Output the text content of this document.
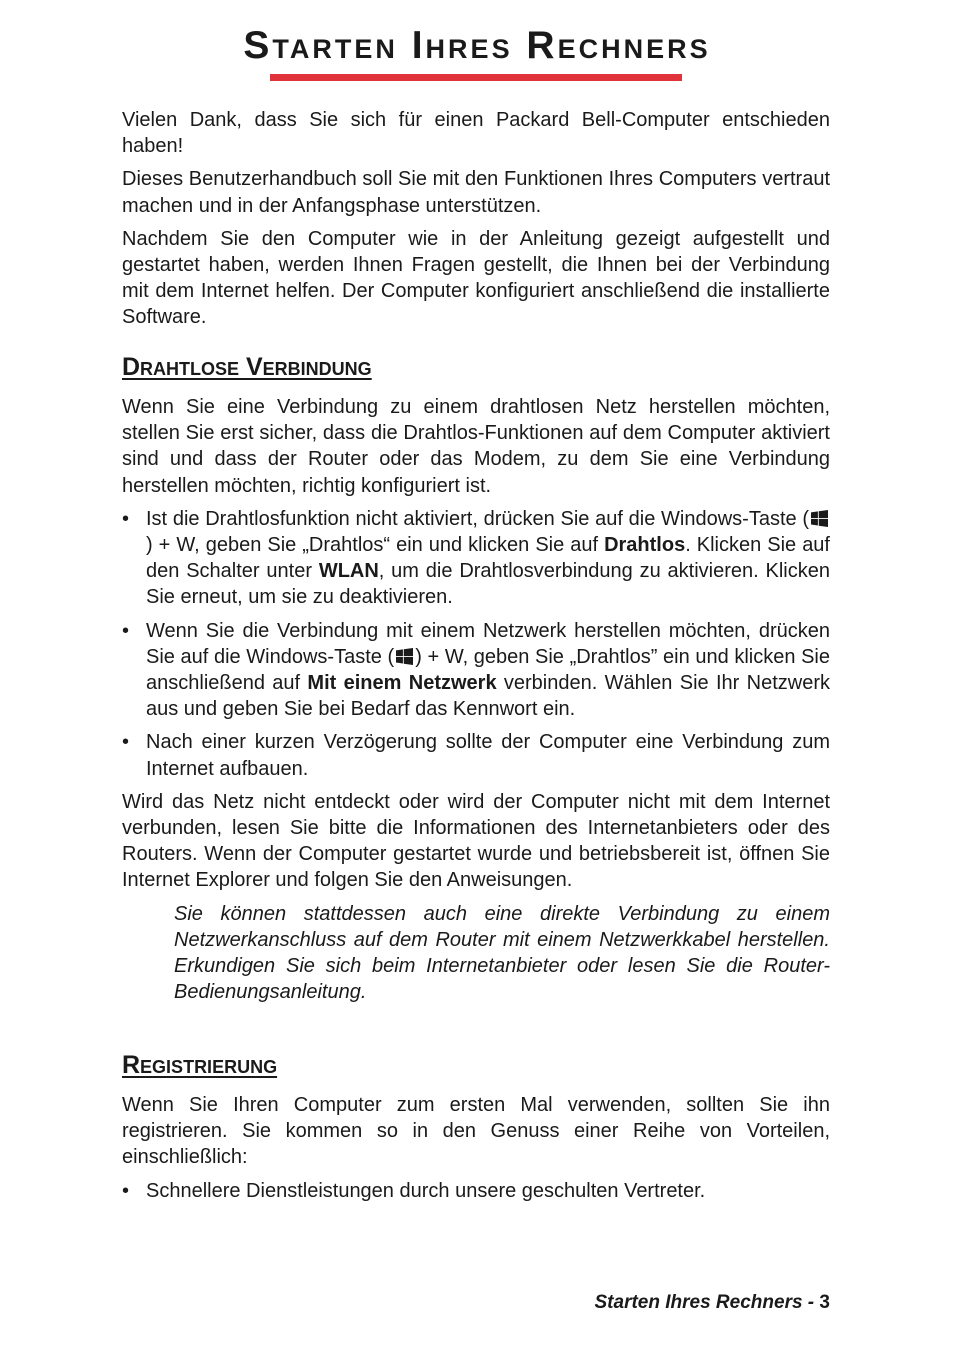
Starten Ihres Rechners

Vielen Dank, dass Sie sich für einen Packard Bell-Computer entschieden haben!

Dieses Benutzerhandbuch soll Sie mit den Funktionen Ihres Computers vertraut machen und in der Anfangsphase unterstützen.

Nachdem Sie den Computer wie in der Anleitung gezeigt aufgestellt und gestartet haben, werden Ihnen Fragen gestellt, die Ihnen bei der Verbindung mit dem Internet helfen. Der Computer konfiguriert anschließend die installierte Software.

Drahtlose Verbindung

Wenn Sie eine Verbindung zu einem drahtlosen Netz herstellen möchten, stellen Sie erst sicher, dass die Drahtlos-Funktionen auf dem Computer aktiviert sind und dass der Router oder das Modem, zu dem Sie eine Verbindung herstellen möchten, richtig konfiguriert ist.

• Ist die Drahtlosfunktion nicht aktiviert, drücken Sie auf die Windows-Taste () + W, geben Sie „Drahtlos“ ein und klicken Sie auf Drahtlos. Klicken Sie auf den Schalter unter WLAN, um die Drahtlosverbindung zu aktivieren. Klicken Sie erneut, um sie zu deaktivieren.
• Wenn Sie die Verbindung mit einem Netzwerk herstellen möchten, drücken Sie auf die Windows-Taste ( ) + W, geben Sie „Drahtlos” ein und klicken Sie anschließend auf Mit einem Netzwerk verbinden. Wählen Sie Ihr Netzwerk aus und geben Sie bei Bedarf das Kennwort ein.
• Nach einer kurzen Verzögerung sollte der Computer eine Verbindung zum Internet aufbauen.

Wird das Netz nicht entdeckt oder wird der Computer nicht mit dem Internet verbunden, lesen Sie bitte die Informationen des Internetanbieters oder des Routers. Wenn der Computer gestartet wurde und betriebsbereit ist, öffnen Sie Internet Explorer und folgen Sie den Anweisungen.

Sie können stattdessen auch eine direkte Verbindung zu einem Netzwerkanschluss auf dem Router mit einem Netzwerkkabel herstellen. Erkundigen Sie sich beim Internetanbieter oder lesen Sie die Router-Bedienungsanleitung.

Registrierung

Wenn Sie Ihren Computer zum ersten Mal verwenden, sollten Sie ihn registrieren. Sie kommen so in den Genuss einer Reihe von Vorteilen, einschließlich:

• Schnellere Dienstleistungen durch unsere geschulten Vertreter.
Starten Ihres Rechners - 3
